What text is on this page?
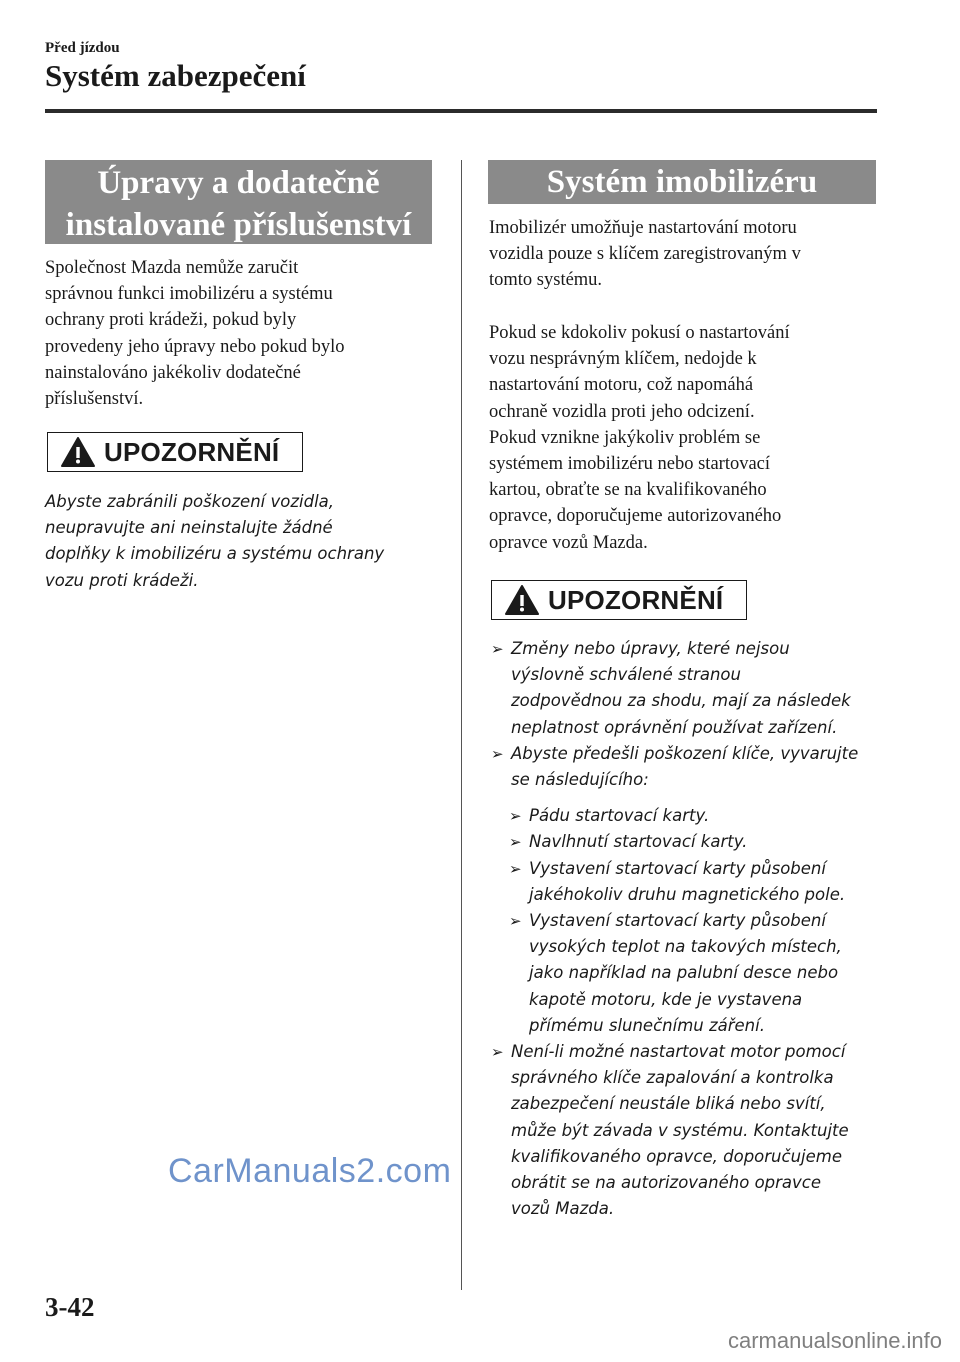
Před jízdou
Systém zabezpečení
Úpravy a dodatečně
instalované příslušenství

Společnost Mazda nemůže zaručit

správnou funkci imobilizéru a systému

ochrany proti krádeži, pokud byly

provedeny jeho úpravy nebo pokud bylo

nainstalováno jakékoliv dodatečné

příslušenství.

UPOZORNĚNÍ

Abyste zabránili poškození vozidla,

neupravujte ani neinstalujte žádné

doplňky k imobilizéru a systému ochrany

vozu proti krádeži.

Systém imobilizéru

Imobilizér umožňuje nastartování motoru

vozidla pouze s klíčem zaregistrovaným v

tomto systému.

Pokud se kdokoliv pokusí o nastartování

vozu nesprávným klíčem, nedojde k

nastartování motoru, což napomáhá

ochraně vozidla proti jeho odcizení.

Pokud vznikne jakýkoliv problém se

systémem imobilizéru nebo startovací

kartou, obraťte se na kvalifikovaného

opravce, doporučujeme autorizovaného

opravce vozů Mazda.

UPOZORNĚNÍ
➢ Změny nebo úpravy, které nejsou
výslovně schválené stranou
zodpovědnou za shodu, mají za následek
neplatnost oprávnění používat zařízení.
➢ Abyste předešli poškození klíče, vyvarujte
se následujícího:
➢ Pádu startovací karty.
➢ Navlhnutí startovací karty.
➢ Vystavení startovací karty působení
jakéhokoliv druhu magnetického pole.
➢ Vystavení startovací karty působení
vysokých teplot na takových místech,
jako například na palubní desce nebo
kapotě motoru, kde je vystavena
přímému slunečnímu záření.
➢ Není-li možné nastartovat motor pomocí
správného klíče zapalování a kontrolka
zabezpečení neustále bliká nebo svítí,
může být závada v systému. Kontaktujte
kvalifikovaného opravce, doporučujeme
obrátit se na autorizovaného opravce
vozů Mazda.
CarManuals2.com
3-42
carmanualsonline.info
